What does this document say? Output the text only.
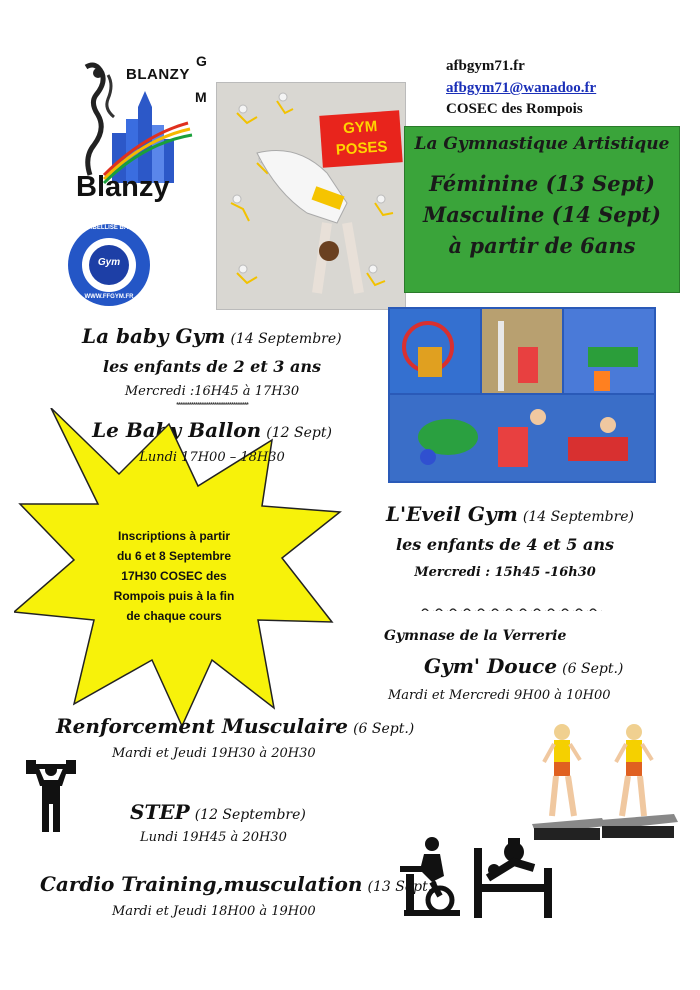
BLANZY
G
M
Blanzy
Gym
CLUB LABELLISÉ BABY-GYM
WWW.FFGYM.FR
GYM
POSES
afbgym71.fr
afbgym71@wanadoo.fr
COSEC des Rompois
La Gymnastique Artistique
Féminine (13 Sept)
Masculine (14 Sept)
à partir de 6ans
La baby Gym (14 Septembre)
les enfants de 2 et 3 ans
Mercredi :16H45 à 17H30
**********************************
Le Baby Ballon (12 Sept)
Lundi 17H00 – 18H30
Inscriptions à partir
du 6 et 8 Septembre
17H30 COSEC des
Rompois puis à la fin
de chaque cours
L'Eveil Gym (14 Septembre)
les enfants de 4 et 5 ans
Mercredi : 15h45 -16h30
Gymnase de la Verrerie
Gym' Douce (6 Sept.)
Mardi et Mercredi 9H00 à 10H00
Renforcement Musculaire (6 Sept.)
Mardi et Jeudi 19H30 à 20H30
STEP (12 Septembre)
Lundi 19H45 à 20H30
Cardio Training,musculation (13 Sept.)
Mardi et Jeudi 18H00 à 19H00
